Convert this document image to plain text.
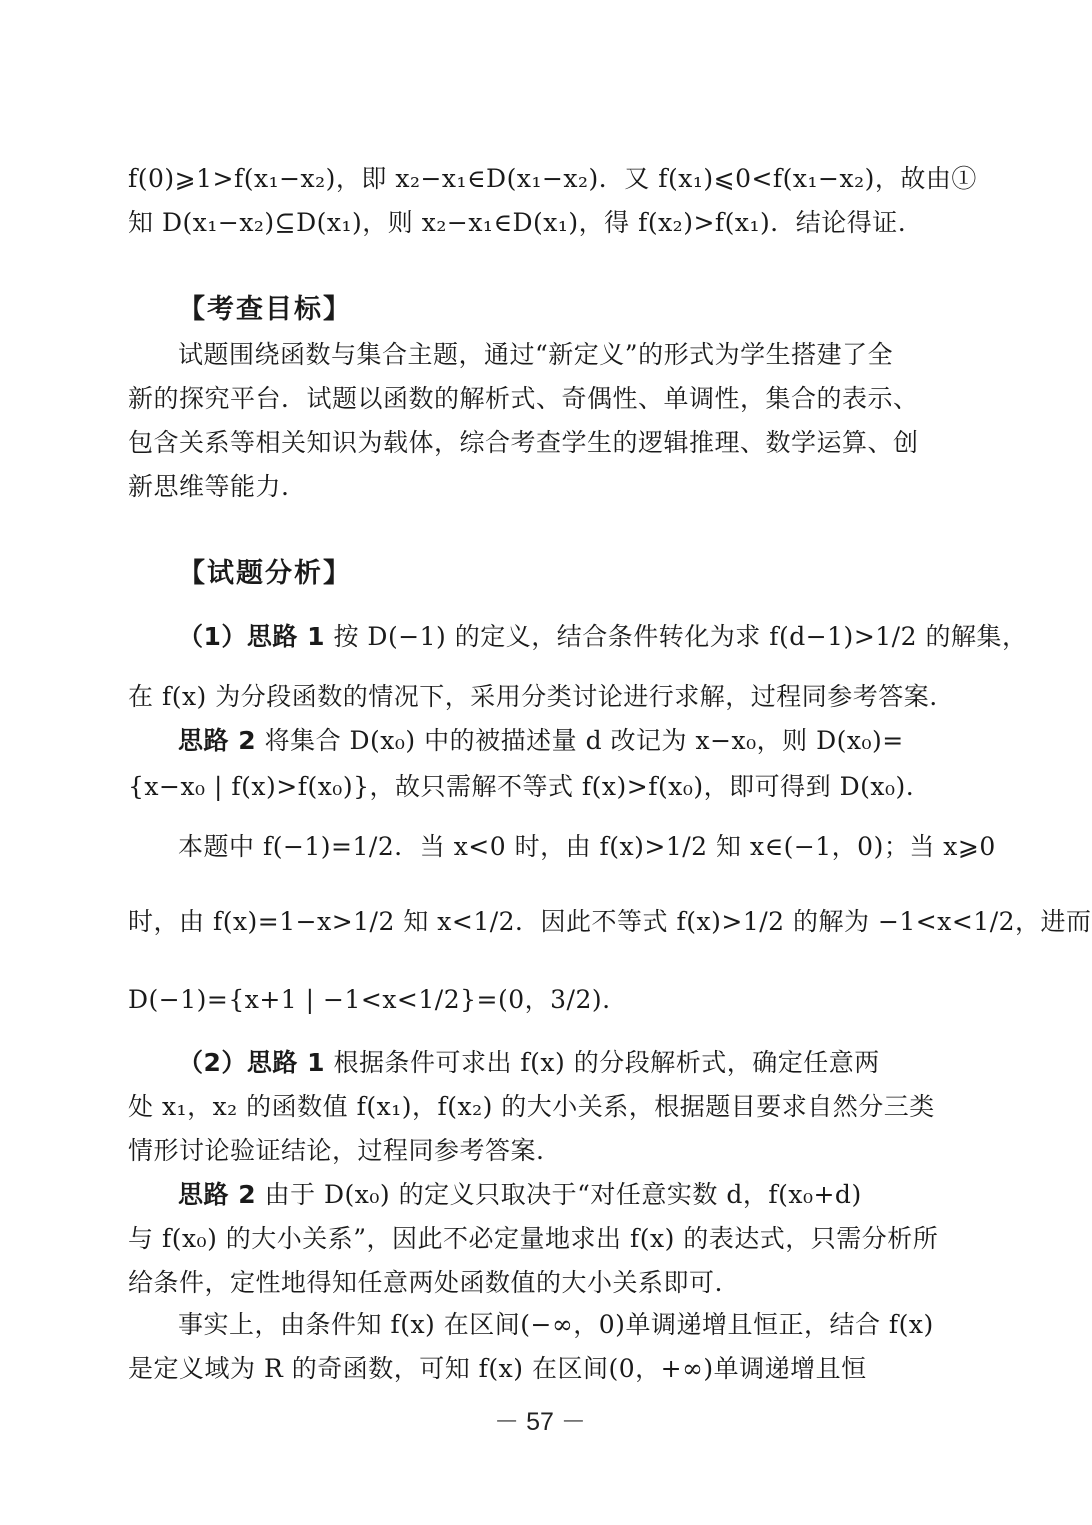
f(0)⩾1>f(x₁−x₂)，即 x₂−x₁∈D(x₁−x₂)．又 f(x₁)⩽0<f(x₁−x₂)，故由①
知 D(x₁−x₂)⊆D(x₁)，则 x₂−x₁∈D(x₁)，得 f(x₂)>f(x₁)．结论得证.
【考查目标】
试题围绕函数与集合主题，通过“新定义”的形式为学生搭建了全
新的探究平台．试题以函数的解析式、奇偶性、单调性，集合的表示、
包含关系等相关知识为载体，综合考查学生的逻辑推理、数学运算、创
新思维等能力.
【试题分析】
（1）思路 1 按 D(−1) 的定义，结合条件转化为求 f(d−1)>1/2 的解集，
在 f(x) 为分段函数的情况下，采用分类讨论进行求解，过程同参考答案.
思路 2 将集合 D(x₀) 中的被描述量 d 改记为 x−x₀，则 D(x₀)=
{x−x₀ | f(x)>f(x₀)}，故只需解不等式 f(x)>f(x₀)，即可得到 D(x₀).
本题中 f(−1)=1/2．当 x<0 时，由 f(x)>1/2 知 x∈(−1，0)；当 x⩾0
时，由 f(x)=1−x>1/2 知 x<1/2．因此不等式 f(x)>1/2 的解为 −1<x<1/2，进而
D(−1)={x+1 | −1<x<1/2}=(0，3/2).
（2）思路 1 根据条件可求出 f(x) 的分段解析式，确定任意两
处 x₁，x₂ 的函数值 f(x₁)，f(x₂) 的大小关系，根据题目要求自然分三类
情形讨论验证结论，过程同参考答案.
思路 2 由于 D(x₀) 的定义只取决于“对任意实数 d，f(x₀+d)
与 f(x₀) 的大小关系”，因此不必定量地求出 f(x) 的表达式，只需分析所
给条件，定性地得知任意两处函数值的大小关系即可.
事实上，由条件知 f(x) 在区间(−∞，0)单调递增且恒正，结合 f(x)
是定义域为 R 的奇函数，可知 f(x) 在区间(0，+∞)单调递增且恒
－ 57 －
